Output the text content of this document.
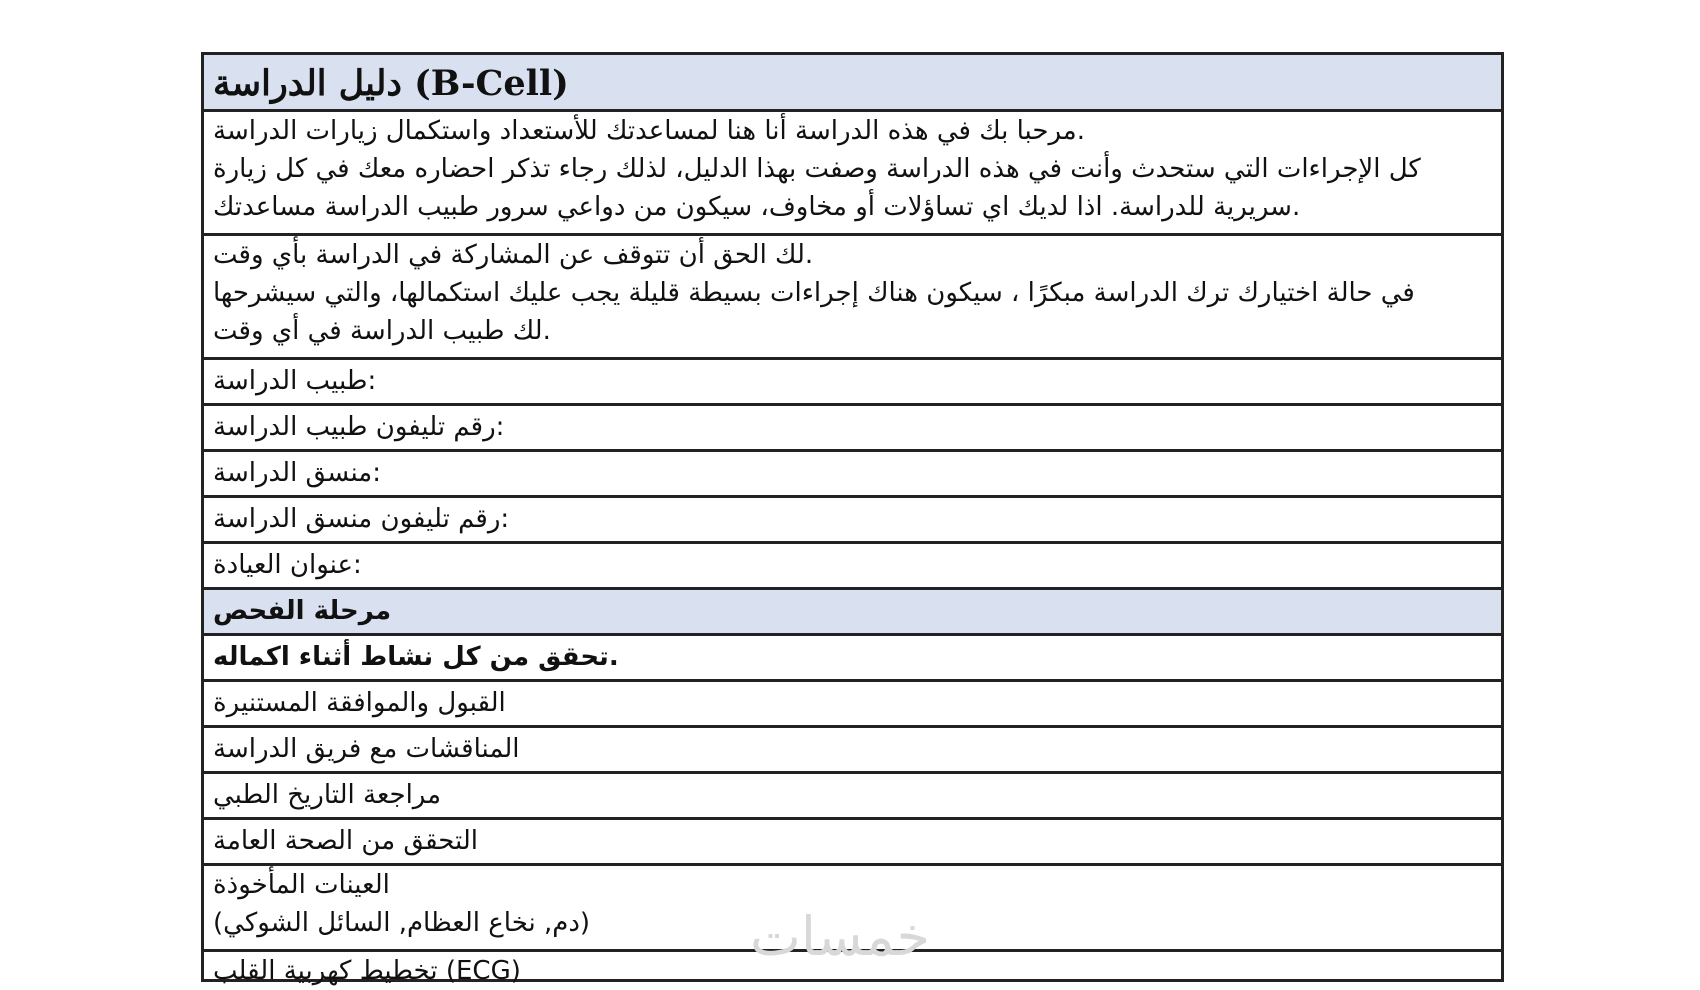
دليل الدراسة (B-Cell)
مرحبا بك في هذه الدراسة أنا هنا لمساعدتك للأستعداد واستكمال زيارات الدراسة.
كل الإجراءات التي ستحدث وأنت في هذه الدراسة وصفت بهذا الدليل، لذلك رجاء تذكر احضاره معك في كل زيارة
سريرية للدراسة. اذا لديك اي تساؤلات أو مخاوف، سيكون من دواعي سرور طبيب الدراسة مساعدتك.
لك الحق أن تتوقف عن المشاركة في الدراسة بأي وقت.
في حالة اختيارك ترك الدراسة مبكرًا ، سيكون هناك إجراءات بسيطة قليلة يجب عليك استكمالها، والتي سيشرحها
لك طبيب الدراسة في أي وقت.
طبيب الدراسة:
رقم تليفون طبيب الدراسة:
منسق الدراسة:
رقم تليفون منسق الدراسة:
عنوان العيادة:
مرحلة الفحص
تحقق من كل نشاط أثناء اكماله.
القبول والموافقة المستنيرة
المناقشات مع فريق الدراسة
مراجعة التاريخ الطبي
التحقق من الصحة العامة
العينات المأخوذة
(دم, نخاع العظام, السائل الشوكي)
تخطيط كهربية القلب (ECG)
خمسات
